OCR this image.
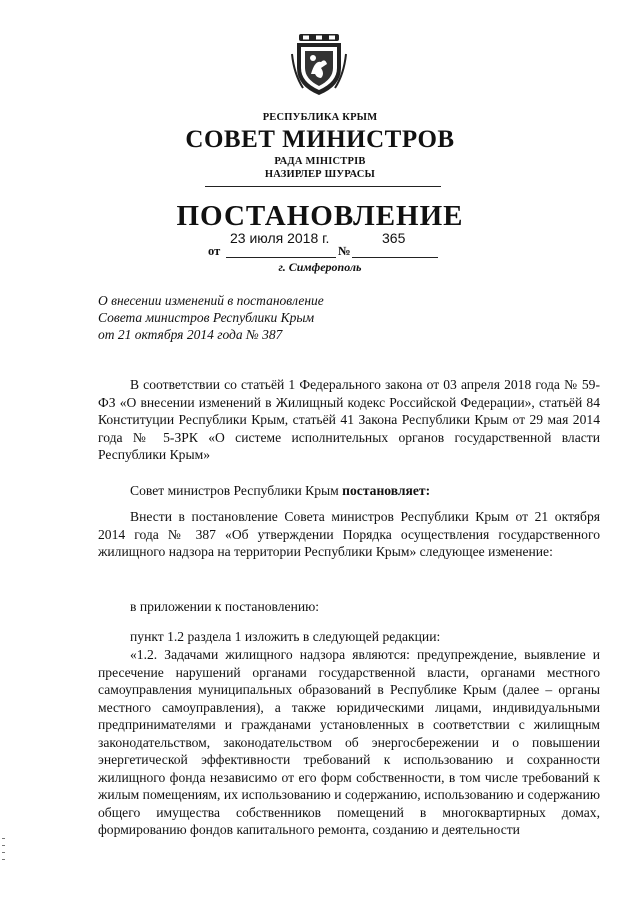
РЕСПУБЛИКА КРЫМ
СОВЕТ МИНИСТРОВ
РАДА МІНІСТРІВ
НАЗИРЛЕР ШУРАСЫ
ПОСТАНОВЛЕНИЕ
23 июля 2018 г.	365
от	№
г. Симферополь
О внесении изменений в постановление
Совета министров Республики Крым
от 21 октября 2014 года № 387

В соответствии со статьёй 1 Федерального закона от 03 апреля 2018 года № 59-ФЗ «О внесении изменений в Жилищный кодекс Российской Федерации», статьёй 84 Конституции Республики Крым, статьёй 41 Закона Республики Крым от 29 мая 2014 года № 5-ЗРК «О системе исполнительных органов государственной власти Республики Крым»

Совет министров Республики Крым постановляет:

Внести в постановление Совета министров Республики Крым от 21 октября 2014 года № 387 «Об утверждении Порядка осуществления государственного жилищного надзора на территории Республики Крым» следующее изменение:

в приложении к постановлению:

пункт 1.2 раздела 1 изложить в следующей редакции:

«1.2. Задачами жилищного надзора являются: предупреждение, выявление и пресечение нарушений органами государственной власти, органами местного самоуправления муниципальных образований в Республике Крым (далее – органы местного самоуправления), а также юридическими лицами, индивидуальными предпринимателями и гражданами установленных в соответствии с жилищным законодательством, законодательством об энергосбережении и о повышении энергетической эффективности требований к использованию и сохранности жилищного фонда независимо от его форм собственности, в том числе требований к жилым помещениям, их использованию и содержанию, использованию и содержанию общего имущества собственников помещений в многоквартирных домах, формированию фондов капитального ремонта, созданию и деятельности
